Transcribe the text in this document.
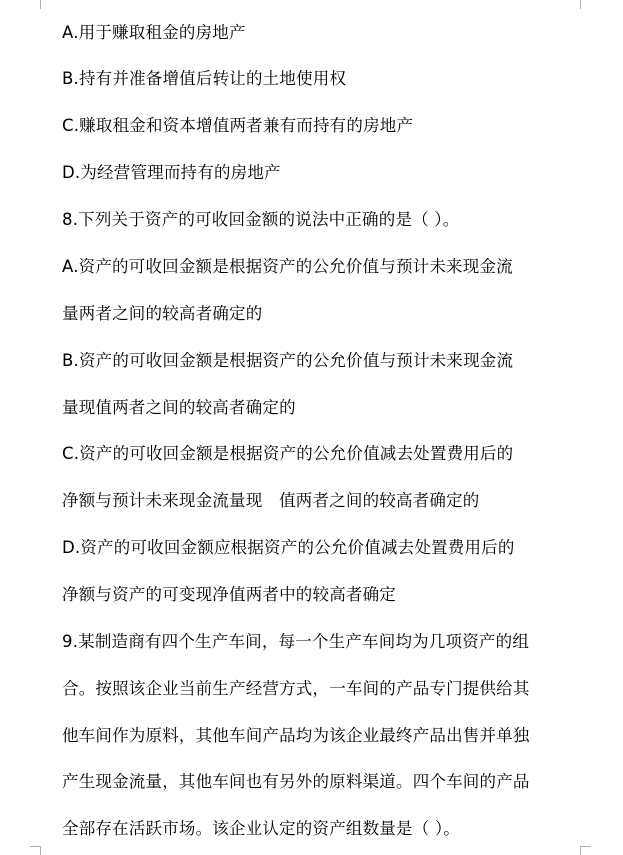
A.用于赚取租金的房地产
B.持有并准备增值后转让的土地使用权
C.赚取租金和资本增值两者兼有而持有的房地产
D.为经营管理而持有的房地产
8.下列关于资产的可收回金额的说法中正确的是（ ）。
A.资产的可收回金额是根据资产的公允价值与预计未来现金流
量两者之间的较高者确定的
B.资产的可收回金额是根据资产的公允价值与预计未来现金流
量现值两者之间的较高者确定的
C.资产的可收回金额是根据资产的公允价值减去处置费用后的
净额与预计未来现金流量现　值两者之间的较高者确定的
D.资产的可收回金额应根据资产的公允价值减去处置费用后的
净额与资产的可变现净值两者中的较高者确定
9.某制造商有四个生产车间，每一个生产车间均为几项资产的组
合。按照该企业当前生产经营方式，一车间的产品专门提供给其
他车间作为原料，其他车间产品均为该企业最终产品出售并单独
产生现金流量，其他车间也有另外的原料渠道。四个车间的产品
全部存在活跃市场。该企业认定的资产组数量是（ ）。
